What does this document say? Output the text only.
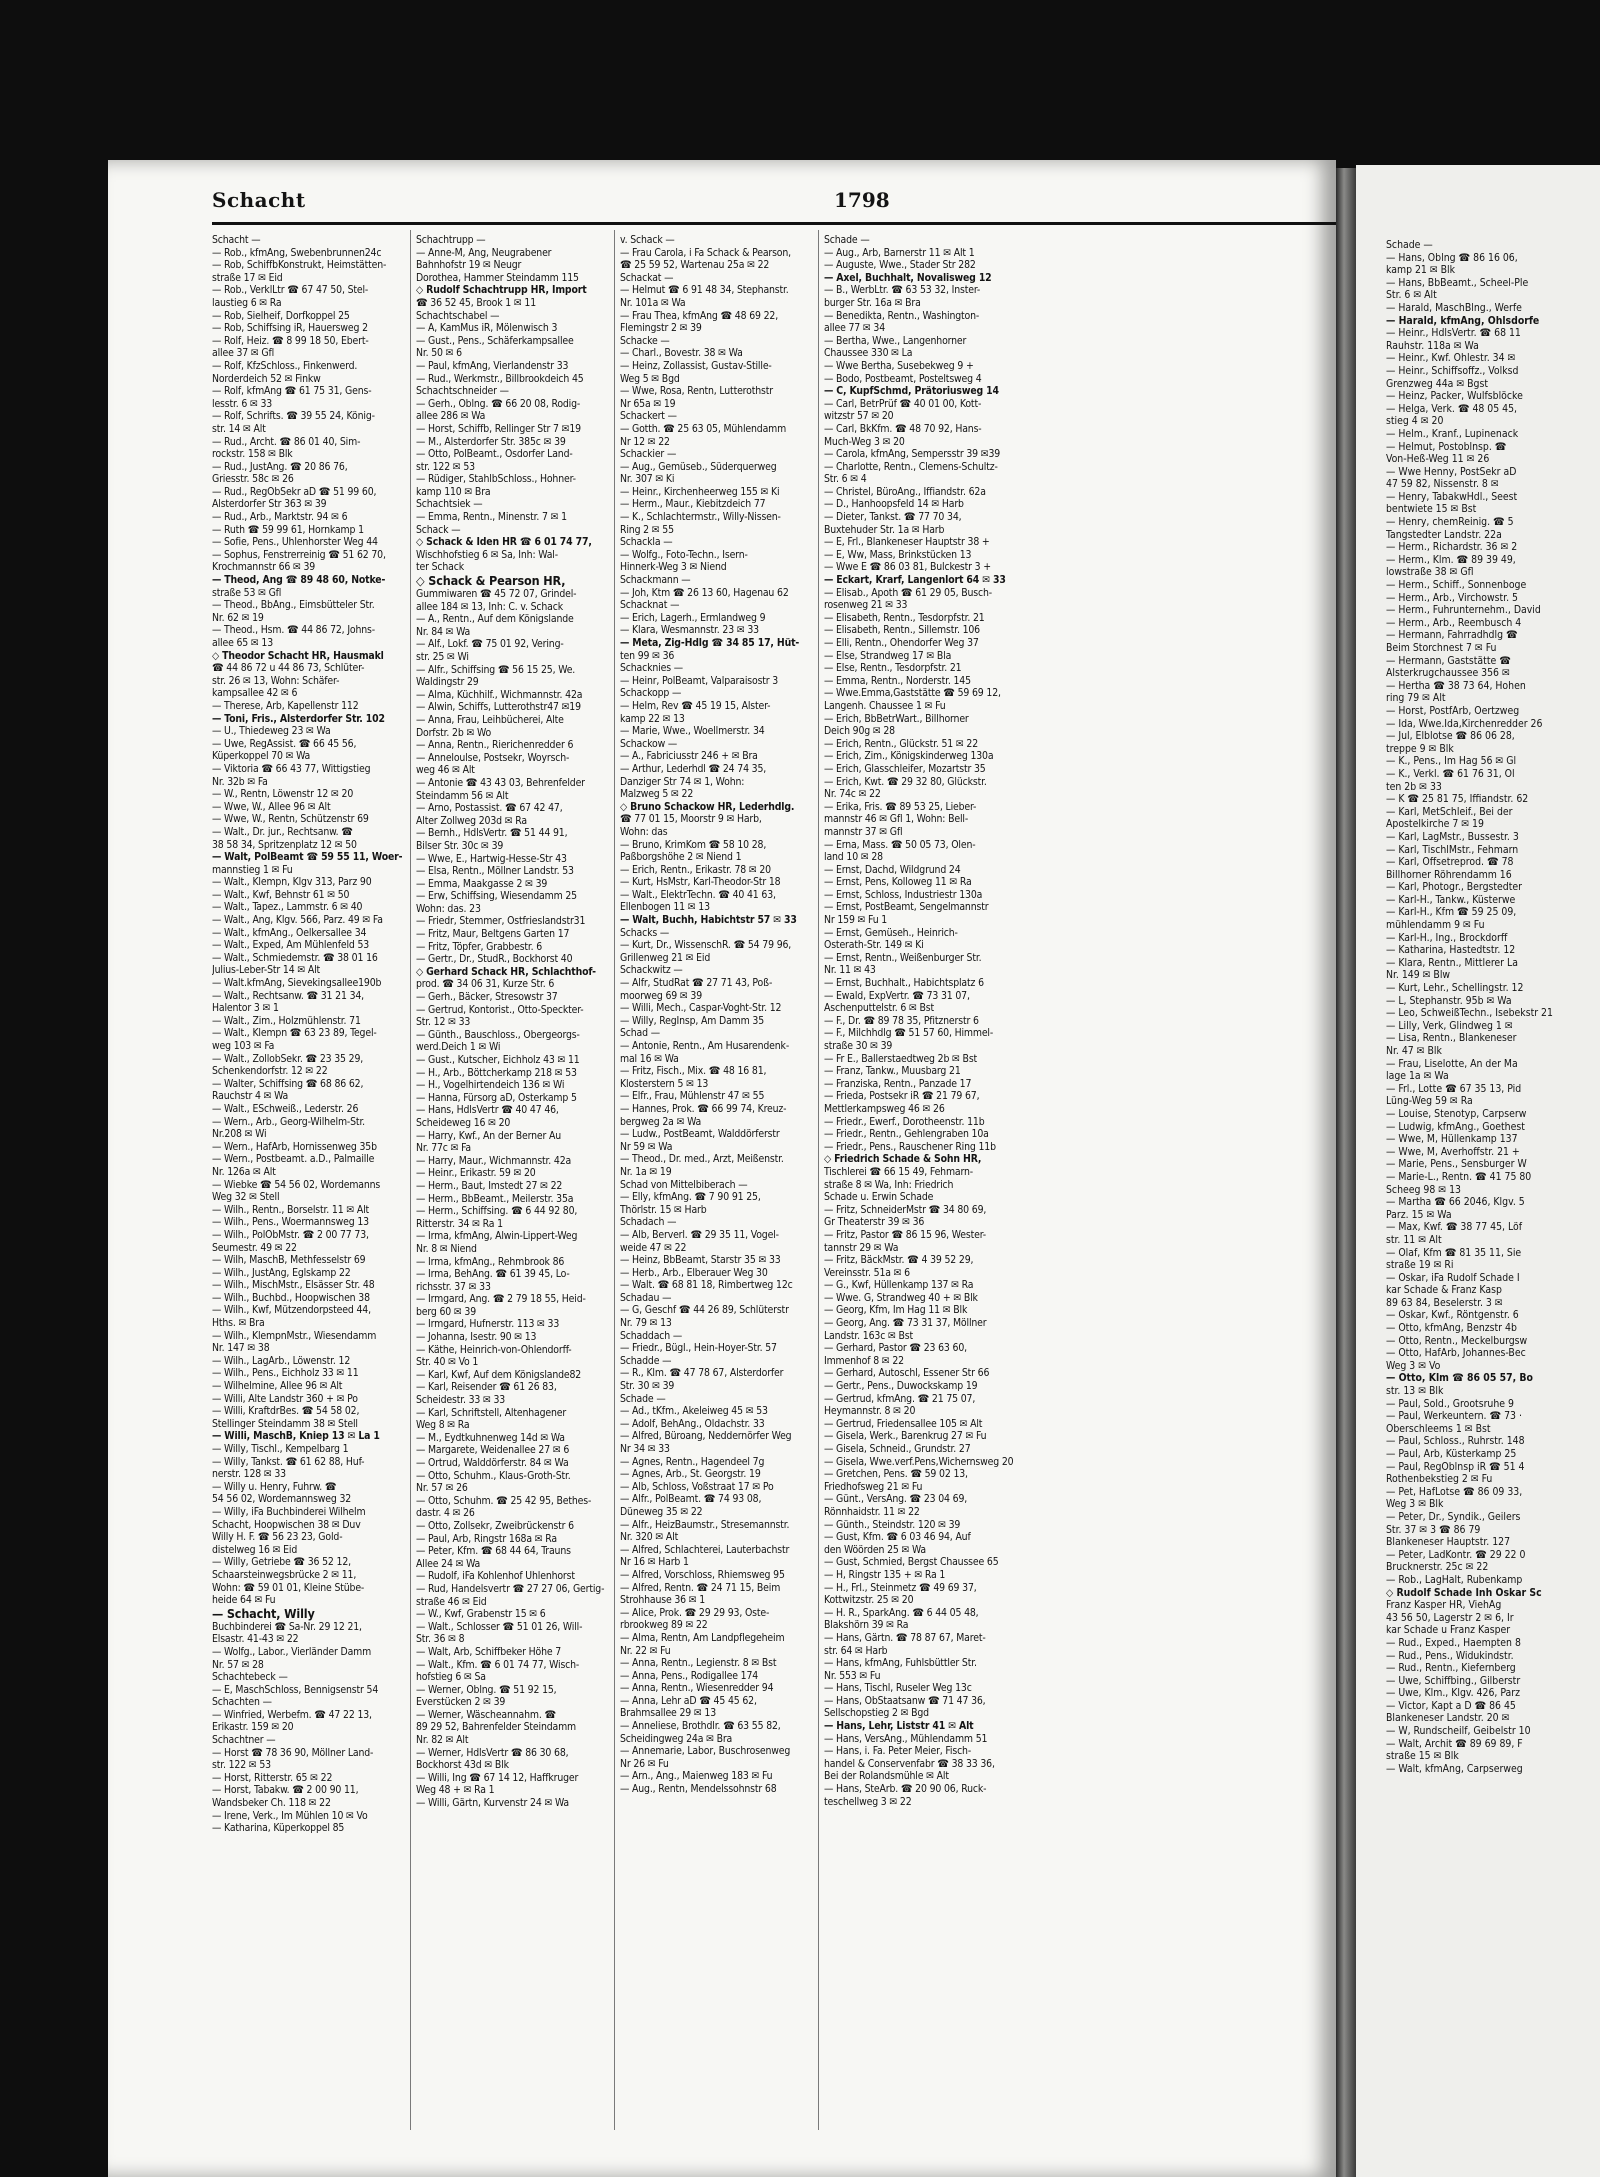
Schacht	1798
Schacht —
— Rob., kfmAng, Swebenbrunnen24c
— Rob, SchiffbKonstrukt, Heimstätten-
straße 17 ✉ Eid
— Rob., VerklLtr ☎ 67 47 50, Stel-
laustieg 6 ✉ Ra
— Rob, Sielheif, Dorfkoppel 25
— Rob, Schiffsing iR, Hauersweg 2
— Rolf, Heiz. ☎ 8 99 18 50, Ebert-
allee 37 ✉ Gfl
— Rolf, KfzSchloss., Finkenwerd.
Norderdeich 52 ✉ Finkw
— Rolf, kfmAng ☎ 61 75 31, Gens-
lesstr. 6 ✉ 33
— Rolf, Schrifts. ☎ 39 55 24, König-
str. 14 ✉ Alt
— Rud., Archt. ☎ 86 01 40, Sim-
rockstr. 158 ✉ Blk
— Rud., JustAng. ☎ 20 86 76,
Griesstr. 58c ✉ 26
— Rud., RegObSekr aD ☎ 51 99 60,
Alsterdorfer Str 363 ✉ 39
— Rud., Arb., Marktstr. 94 ✉ 6
— Ruth ☎ 59 99 61, Hornkamp 1
— Sofie, Pens., Uhlenhorster Weg 44
— Sophus, Fenstrerreinig ☎ 51 62 70,
Krochmannstr 66 ✉ 39
— Theod, Ang ☎ 89 48 60, Notke-
straße 53 ✉ Gfl
— Theod., BbAng., Eimsbütteler Str.
Nr. 62 ✉ 19
— Theod., Hsm. ☎ 44 86 72, Johns-
allee 65 ✉ 13
◇ Theodor Schacht HR, Hausmakl
☎ 44 86 72 u 44 86 73, Schlüter-
str. 26 ✉ 13, Wohn: Schäfer-
kampsallee 42 ✉ 6
— Therese, Arb, Kapellenstr 112
— Toni, Fris., Alsterdorfer Str. 102
— U., Thiedeweg 23 ✉ Wa
— Uwe, RegAssist. ☎ 66 45 56,
Küperkoppel 70 ✉ Wa
— Viktoria ☎ 66 43 77, Wittigstieg
Nr. 32b ✉ Fa
— W., Rentn, Löwenstr 12 ✉ 20
— Wwe, W., Allee 96 ✉ Alt
— Wwe, W., Rentn, Schützenstr 69
— Walt., Dr. jur., Rechtsanw. ☎
38 58 34, Spritzenplatz 12 ✉ 50
— Walt, PolBeamt ☎ 59 55 11, Woer-
mannstieg 1 ✉ Fu
— Walt., Klempn, Klgv 313, Parz 90
— Walt., Kwf, Behnstr 61 ✉ 50
— Walt., Tapez., Lammstr. 6 ✉ 40
— Walt., Ang, Klgv. 566, Parz. 49 ✉ Fa
— Walt., kfmAng., Oelkersallee 34
— Walt., Exped, Am Mühlenfeld 53
— Walt., Schmiedemstr. ☎ 38 01 16
Julius-Leber-Str 14 ✉ Alt
— Walt.kfmAng, Sievekingsallee190b
— Walt., Rechtsanw. ☎ 31 21 34,
Halentor 3 ✉ 1
— Walt., Zim., Holzmühlenstr. 71
— Walt., Klempn ☎ 63 23 89, Tegel-
weg 103 ✉ Fa
— Walt., ZollobSekr. ☎ 23 35 29,
Schenkendorfstr. 12 ✉ 22
— Walter, Schiffsing ☎ 68 86 62,
Rauchstr 4 ✉ Wa
— Walt., ESchweiß., Lederstr. 26
— Wern., Arb., Georg-Wilhelm-Str.
Nr.208 ✉ Wi
— Wern., HafArb, Hornissenweg 35b
— Wern., Postbeamt. a.D., Palmaille
Nr. 126a ✉ Alt
— Wiebke ☎ 54 56 02, Wordemanns
Weg 32 ✉ Stell
— Wilh., Rentn., Borselstr. 11 ✉ Alt
— Wilh., Pens., Woermannsweg 13
— Wilh., PolObMstr. ☎ 2 00 77 73,
Seumestr. 49 ✉ 22
— Wilh, MaschB, Methfesselstr 69
— Wilh., JustAng, Eglskamp 22
— Wilh., MischMstr., Elsässer Str. 48
— Wilh., Buchbd., Hoopwischen 38
— Wilh., Kwf, Mützendorpsteed 44,
Hths. ✉ Bra
— Wilh., KlempnMstr., Wiesendamm
Nr. 147 ✉ 38
— Wilh., LagArb., Löwenstr. 12
— Wilh., Pens., Eichholz 33 ✉ 11
— Wilhelmine, Allee 96 ✉ Alt
— Willi, Alte Landstr 360 + ✉ Po
— Willi, KraftdrBes. ☎ 54 58 02,
Stellinger Steindamm 38 ✉ Stell
— Willi, MaschB, Kniep 13 ✉ La 1
— Willy, Tischl., Kempelbarg 1
— Willy, Tankst. ☎ 61 62 88, Huf-
nerstr. 128 ✉ 33
— Willy u. Henry, Fuhrw. ☎
54 56 02, Wordemannsweg 32
— Willy, iFa Buchbinderei Wilhelm
Schacht, Hoopwischen 38 ✉ Duv
Willy H. F. ☎ 56 23 23, Gold-
distelweg 16 ✉ Eid
— Willy, Getriebe ☎ 36 52 12,
Schaarsteinwegsbrücke 2 ✉ 11,
Wohn: ☎ 59 01 01, Kleine Stübe-
heide 64 ✉ Fu
— Schacht, Willy
Buchbinderei ☎ Sa-Nr. 29 12 21,
Elsastr. 41-43 ✉ 22
— Wolfg., Labor., Vierländer Damm
Nr. 57 ✉ 28
Schachtebeck —
— E, MaschSchloss, Bennigsenstr 54
Schachten —
— Winfried, Werbefm. ☎ 47 22 13,
Erikastr. 159 ✉ 20
Schachtner —
— Horst ☎ 78 36 90, Möllner Land-
str. 122 ✉ 53
— Horst, Ritterstr. 65 ✉ 22
— Horst, Tabakw. ☎ 2 00 90 11,
Wandsbeker Ch. 118 ✉ 22
— Irene, Verk., Im Mühlen 10 ✉ Vo
— Katharina, Küperkoppel 85
Schachtrupp —
— Anne-M, Ang, Neugrabener
Bahnhofstr 19 ✉ Neugr
Dorothea, Hammer Steindamm 115
◇ Rudolf Schachtrupp HR, Import
☎ 36 52 45, Brook 1 ✉ 11
Schachtschabel —
— A, KamMus iR, Mölenwisch 3
— Gust., Pens., Schäferkampsallee
Nr. 50 ✉ 6
— Paul, kfmAng, Vierlandenstr 33
— Rud., Werkmstr., Billbrookdeich 45
Schachtschneider —
— Gerh., Oblng. ☎ 66 20 08, Rodig-
allee 286 ✉ Wa
— Horst, Schiffb, Rellinger Str 7 ✉19
— M., Alsterdorfer Str. 385c ✉ 39
— Otto, PolBeamt., Osdorfer Land-
str. 122 ✉ 53
— Rüdiger, StahlbSchloss., Hohner-
kamp 110 ✉ Bra
Schachtsiek —
— Emma, Rentn., Minenstr. 7 ✉ 1
Schack —
◇ Schack & Iden HR ☎ 6 01 74 77,
Wischhofstieg 6 ✉ Sa, Inh: Wal-
ter Schack
◇ Schack & Pearson HR,
Gummiwaren ☎ 45 72 07, Grindel-
allee 184 ✉ 13, Inh: C. v. Schack
— A., Rentn., Auf dem Königslande
Nr. 84 ✉ Wa
— Alf., Lokf. ☎ 75 01 92, Vering-
str. 25 ✉ Wi
— Alfr., Schiffsing ☎ 56 15 25, We.
Waldingstr 29
— Alma, Küchhilf., Wichmannstr. 42a
— Alwin, Schiffs, Lutterothstr47 ✉19
— Anna, Frau, Leihbücherei, Alte
Dorfstr. 2b ✉ Wo
— Anna, Rentn., Rierichenredder 6
— Anneloulse, Postsekr, Woyrsch-
weg 46 ✉ Alt
— Antonie ☎ 43 43 03, Behrenfelder
Steindamm 56 ✉ Alt
— Arno, Postassist. ☎ 67 42 47,
Alter Zollweg 203d ✉ Ra
— Bernh., HdlsVertr. ☎ 51 44 91,
Bilser Str. 30c ✉ 39
— Wwe, E., Hartwig-Hesse-Str 43
— Elsa, Rentn., Möllner Landstr. 53
— Emma, Maakgasse 2 ✉ 39
— Erw, Schiffsing, Wiesendamm 25
Wohn: das. 23
— Friedr, Stemmer, Ostfrieslandstr31
— Fritz, Maur, Beltgens Garten 17
— Fritz, Töpfer, Grabbestr. 6
— Gertr., Dr., StudR., Bockhorst 40
◇ Gerhard Schack HR, Schlachthof-
prod. ☎ 34 06 31, Kurze Str. 6
— Gerh., Bäcker, Stresowstr 37
— Gertrud, Kontorist., Otto-Speckter-
Str. 12 ✉ 33
— Günth., Bauschloss., Obergeorgs-
werd.Deich 1 ✉ Wi
— Gust., Kutscher, Eichholz 43 ✉ 11
— H., Arb., Böttcherkamp 218 ✉ 53
— H., Vogelhirtendeich 136 ✉ Wi
— Hanna, Fürsorg aD, Osterkamp 5
— Hans, HdlsVertr ☎ 40 47 46,
Scheideweg 16 ✉ 20
— Harry, Kwf., An der Berner Au
Nr. 77c ✉ Fa
— Harry, Maur., Wichmannstr. 42a
— Heinr., Erikastr. 59 ✉ 20
— Herm., Baut, Imstedt 27 ✉ 22
— Herm., BbBeamt., Meilerstr. 35a
— Herm., Schiffsing. ☎ 6 44 92 80,
Ritterstr. 34 ✉ Ra 1
— Irma, kfmAng, Alwin-Lippert-Weg
Nr. 8 ✉ Niend
— Irma, kfmAng., Rehmbrook 86
— Irma, BehAng. ☎ 61 39 45, Lo-
richsstr. 37 ✉ 33
— Irmgard, Ang. ☎ 2 79 18 55, Heid-
berg 60 ✉ 39
— Irmgard, Hufnerstr. 113 ✉ 33
— Johanna, Isestr. 90 ✉ 13
— Käthe, Heinrich-von-Ohlendorff-
Str. 40 ✉ Vo 1
— Karl, Kwf, Auf dem Königslande82
— Karl, Reisender ☎ 61 26 83,
Scheidestr. 33 ✉ 33
— Karl, Schriftstell, Altenhagener
Weg 8 ✉ Ra
— M., Eydtkuhnenweg 14d ✉ Wa
— Margarete, Weidenallee 27 ✉ 6
— Ortrud, Walddörferstr. 84 ✉ Wa
— Otto, Schuhm., Klaus-Groth-Str.
Nr. 57 ✉ 26
— Otto, Schuhm. ☎ 25 42 95, Bethes-
dastr. 4 ✉ 26
— Otto, Zollsekr, Zweibrückenstr 6
— Paul, Arb, Ringstr 168a ✉ Ra
— Peter, Kfm. ☎ 68 44 64, Trauns
Allee 24 ✉ Wa
— Rudolf, iFa Kohlenhof Uhlenhorst
— Rud, Handelsvertr ☎ 27 27 06, Gertig-
straße 46 ✉ Eid
— W., Kwf, Grabenstr 15 ✉ 6
— Walt., Schlosser ☎ 51 01 26, Will-
Str. 36 ✉ 8
— Walt, Arb, Schiffbeker Höhe 7
— Walt., Kfm. ☎ 6 01 74 77, Wisch-
hofstieg 6 ✉ Sa
— Werner, Oblng. ☎ 51 92 15,
Everstücken 2 ✉ 39
— Werner, Wäscheannahm. ☎
89 29 52, Bahrenfelder Steindamm
Nr. 82 ✉ Alt
— Werner, HdlsVertr ☎ 86 30 68,
Bockhorst 43d ✉ Blk
— Willi, Ing ☎ 67 14 12, Haffkruger
Weg 48 + ✉ Ra 1
— Willi, Gärtn, Kurvenstr 24 ✉ Wa
v. Schack —
— Frau Carola, i Fa Schack & Pearson,
☎ 25 59 52, Wartenau 25a ✉ 22
Schackat —
— Helmut ☎ 6 91 48 34, Stephanstr.
Nr. 101a ✉ Wa
— Frau Thea, kfmAng ☎ 48 69 22,
Flemingstr 2 ✉ 39
Schacke —
— Charl., Bovestr. 38 ✉ Wa
— Heinz, Zollassist, Gustav-Stille-
Weg 5 ✉ Bgd
— Wwe, Rosa, Rentn, Lutterothstr
Nr 65a ✉ 19
Schackert —
— Gotth. ☎ 25 63 05, Mühlendamm
Nr 12 ✉ 22
Schackier —
— Aug., Gemüseb., Süderquerweg
Nr. 307 ✉ Ki
— Heinr., Kirchenheerweg 155 ✉ Ki
— Herm., Maur., Kiebitzdeich 77
— K., Schlachtermstr., Willy-Nissen-
Ring 2 ✉ 55
Schackla —
— Wolfg., Foto-Techn., Isern-
Hinnerk-Weg 3 ✉ Niend
Schackmann —
— Joh, Ktm ☎ 26 13 60, Hagenau 62
Schacknat —
— Erich, Lagerh., Ermlandweg 9
— Klara, Wesmannstr. 23 ✉ 33
— Meta, Zig-Hdlg ☎ 34 85 17, Hüt-
ten 99 ✉ 36
Schacknies —
— Heinr, PolBeamt, Valparaisostr 3
Schackopp —
— Helm, Rev ☎ 45 19 15, Alster-
kamp 22 ✉ 13
— Marie, Wwe., Woellmerstr. 34
Schackow —
— A., Fabriciusstr 246 + ✉ Bra
— Arthur, Lederhdl ☎ 24 74 35,
Danziger Str 74 ✉ 1, Wohn:
Malzweg 5 ✉ 22
◇ Bruno Schackow HR, Lederhdlg.
☎ 77 01 15, Moorstr 9 ✉ Harb,
Wohn: das
— Bruno, KrimKom ☎ 58 10 28,
Paßborgshöhe 2 ✉ Niend 1
— Erich, Rentn., Erikastr. 78 ✉ 20
— Kurt, HsMstr, Karl-Theodor-Str 18
— Walt., ElektrTechn. ☎ 40 41 63,
Ellenbogen 11 ✉ 13
— Walt, Buchh, Habichtstr 57 ✉ 33
Schacks —
— Kurt, Dr., WissenschR. ☎ 54 79 96,
Grillenweg 21 ✉ Eid
Schackwitz —
— Alfr, StudRat ☎ 27 71 43, Poß-
moorweg 69 ✉ 39
— Willi, Mech., Caspar-Voght-Str. 12
— Willy, RegInsp, Am Damm 35
Schad —
— Antonie, Rentn., Am Husarendenk-
mal 16 ✉ Wa
— Fritz, Fisch., Mix. ☎ 48 16 81,
Klosterstern 5 ✉ 13
— Elfr., Frau, Mühlenstr 47 ✉ 55
— Hannes, Prok. ☎ 66 99 74, Kreuz-
bergweg 2a ✉ Wa
— Ludw., PostBeamt, Walddörferstr
Nr 59 ✉ Wa
— Theod., Dr. med., Arzt, Meißenstr.
Nr. 1a ✉ 19
Schad von Mittelbiberach —
— Elly, kfmAng. ☎ 7 90 91 25,
Thörlstr. 15 ✉ Harb
Schadach —
— Alb, Berverl. ☎ 29 35 11, Vogel-
weide 47 ✉ 22
— Heinz, BbBeamt, Starstr 35 ✉ 33
— Herb., Arb., Elberauer Weg 30
— Walt. ☎ 68 81 18, Rimbertweg 12c
Schadau —
— G, Geschf ☎ 44 26 89, Schlüterstr
Nr. 79 ✉ 13
Schaddach —
— Friedr., Bügl., Hein-Hoyer-Str. 57
Schadde —
— R., Klm. ☎ 47 78 67, Alsterdorfer
Str. 30 ✉ 39
Schade —
— Ad., tKfm., Akeleiweg 45 ✉ 53
— Adolf, BehAng., Oldachstr. 33
— Alfred, Büroang, Neddernörfer Weg
Nr 34 ✉ 33
— Agnes, Rentn., Hagendeel 7g
— Agnes, Arb., St. Georgstr. 19
— Alb, Schloss, Voßstraat 17 ✉ Po
— Alfr., PolBeamt. ☎ 74 93 08,
Düneweg 35 ✉ 22
— Alfr., HeizBaumstr., Stresemannstr.
Nr. 320 ✉ Alt
— Alfred, Schlachterei, Lauterbachstr
Nr 16 ✉ Harb 1
— Alfred, Vorschloss, Rhiemsweg 95
— Alfred, Rentn. ☎ 24 71 15, Beim
Strohhause 36 ✉ 1
— Alice, Prok. ☎ 29 29 93, Oste-
rbrookweg 89 ✉ 22
— Alma, Rentn, Am Landpflegeheim
Nr. 22 ✉ Fu
— Anna, Rentn., Legienstr. 8 ✉ Bst
— Anna, Pens., Rodigallee 174
— Anna, Rentn., Wiesenredder 94
— Anna, Lehr aD ☎ 45 45 62,
Brahmsallee 29 ✉ 13
— Anneliese, Brothdlr. ☎ 63 55 82,
Scheidingweg 24a ✉ Bra
— Annemarie, Labor, Buschrosenweg
Nr 26 ✉ Fu
— Arn., Ang., Maienweg 183 ✉ Fu
— Aug., Rentn, Mendelssohnstr 68
Schade —
— Aug., Arb, Barnerstr 11 ✉ Alt 1
— Auguste, Wwe., Stader Str 282
— Axel, Buchhalt, Novalisweg 12
— B., WerbLtr. ☎ 63 53 32, Inster-
burger Str. 16a ✉ Bra
— Benedikta, Rentn., Washington-
allee 77 ✉ 34
— Bertha, Wwe., Langenhorner
Chaussee 330 ✉ La
— Wwe Bertha, Susebekweg 9 +
— Bodo, Postbeamt, Posteltsweg 4
— C, KupfSchmd, Prätoriusweg 14
— Carl, BetrPrüf ☎ 40 01 00, Kott-
witzstr 57 ✉ 20
— Carl, BkKfm. ☎ 48 70 92, Hans-
Much-Weg 3 ✉ 20
— Carola, kfmAng, Sempersstr 39 ✉39
— Charlotte, Rentn., Clemens-Schultz-
Str. 6 ✉ 4
— Christel, BüroAng., Iffiandstr. 62a
— D., Hanhoopsfeld 14 ✉ Harb
— Dieter, Tankst. ☎ 77 70 34,
Buxtehuder Str. 1a ✉ Harb
— E, Frl., Blankeneser Hauptstr 38 +
— E, Ww, Mass, Brinkstücken 13
— Wwe E ☎ 86 03 81, Bulckestr 3 +
— Eckart, Krarf, Langenlort 64 ✉ 33
— Elisab., Apoth ☎ 61 29 05, Busch-
rosenweg 21 ✉ 33
— Elisabeth, Rentn., Tesdorpfstr. 21
— Elisabeth, Rentn., Sillemstr. 106
— Elli, Rentn., Ohendorfer Weg 37
— Else, Strandweg 17 ✉ Bla
— Else, Rentn., Tesdorpfstr. 21
— Emma, Rentn., Norderstr. 145
— Wwe.Emma,Gaststätte ☎ 59 69 12,
Langenh. Chaussee 1 ✉ Fu
— Erich, BbBetrWart., Billhorner
Deich 90g ✉ 28
— Erich, Rentn., Glückstr. 51 ✉ 22
— Erich, Zim., Königskinderweg 130a
— Erich, Glasschleifer, Mozartstr 35
— Erich, Kwt. ☎ 29 32 80, Glückstr.
Nr. 74c ✉ 22
— Erika, Fris. ☎ 89 53 25, Lieber-
mannstr 46 ✉ Gfl 1, Wohn: Bell-
mannstr 37 ✉ Gfl
— Erna, Mass. ☎ 50 05 73, Olen-
land 10 ✉ 28
— Ernst, Dachd, Wildgrund 24
— Ernst, Pens, Kolloweg 11 ✉ Ra
— Ernst, Schloss, Industriestr 130a
— Ernst, PostBeamt, Sengelmannstr
Nr 159 ✉ Fu 1
— Ernst, Gemüseh., Heinrich-
Osterath-Str. 149 ✉ Ki
— Ernst, Rentn., Weißenburger Str.
Nr. 11 ✉ 43
— Ernst, Buchhalt., Habichtsplatz 6
— Ewald, ExpVertr. ☎ 73 31 07,
Aschenputtelstr. 6 ✉ Bst
— F., Dr. ☎ 89 78 35, Pfitznerstr 6
— F., Milchhdlg ☎ 51 57 60, Himmel-
straße 30 ✉ 39
— Fr E., Ballerstaedtweg 2b ✉ Bst
— Franz, Tankw., Muusbarg 21
— Franziska, Rentn., Panzade 17
— Frieda, Postsekr iR ☎ 21 79 67,
Mettlerkampsweg 46 ✉ 26
— Friedr., Ewerf., Dorotheenstr. 11b
— Friedr., Rentn., Gehlengraben 10a
— Friedr., Pens., Rauschener Ring 11b
◇ Friedrich Schade & Sohn HR,
Tischlerei ☎ 66 15 49, Fehmarn-
straße 8 ✉ Wa, Inh: Friedrich
Schade u. Erwin Schade
— Fritz, SchneiderMstr ☎ 34 80 69,
Gr Theaterstr 39 ✉ 36
— Fritz, Pastor ☎ 86 15 96, Wester-
tannstr 29 ✉ Wa
— Fritz, BäckMstr. ☎ 4 39 52 29,
Vereinsstr. 51a ✉ 6
— G., Kwf, Hüllenkamp 137 ✉ Ra
— Wwe. G, Strandweg 40 + ✉ Blk
— Georg, Kfm, Im Hag 11 ✉ Blk
— Georg, Ang. ☎ 73 31 37, Möllner
Landstr. 163c ✉ Bst
— Gerhard, Pastor ☎ 23 63 60,
Immenhof 8 ✉ 22
— Gerhard, Autoschl, Essener Str 66
— Gertr., Pens., Duwockskamp 19
— Gertrud, kfmAng. ☎ 21 75 07,
Heymannstr. 8 ✉ 20
— Gertrud, Friedensallee 105 ✉ Alt
— Gisela, Werk., Barenkrug 27 ✉ Fu
— Gisela, Schneid., Grundstr. 27
— Gisela, Wwe.verf.Pens,Wichernsweg 20
— Gretchen, Pens. ☎ 59 02 13,
Friedhofsweg 21 ✉ Fu
— Günt., VersAng. ☎ 23 04 69,
Rönnhaidstr. 11 ✉ 22
— Günth., Steindstr. 120 ✉ 39
— Gust, Kfm. ☎ 6 03 46 94, Auf
den Wöörden 25 ✉ Wa
— Gust, Schmied, Bergst Chaussee 65
— H, Ringstr 135 + ✉ Ra 1
— H., Frl., Steinmetz ☎ 49 69 37,
Kottwitzstr. 25 ✉ 20
— H. R., SparkAng. ☎ 6 44 05 48,
Blakshörn 39 ✉ Ra
— Hans, Gärtn. ☎ 78 87 67, Maret-
str. 64 ✉ Harb
— Hans, kfmAng, Fuhlsbüttler Str.
Nr. 553 ✉ Fu
— Hans, Tischl, Ruseler Weg 13c
— Hans, ObStaatsanw ☎ 71 47 36,
Sellschopstieg 2 ✉ Bgd
— Hans, Lehr, Liststr 41 ✉ Alt
— Hans, VersAng., Mühlendamm 51
— Hans, i. Fa. Peter Meier, Fisch-
handel & Conservenfabr ☎ 38 33 36,
Bei der Rolandsmühle ✉ Alt
— Hans, SteArb. ☎ 20 90 06, Ruck-
teschellweg 3 ✉ 22
Schade —
— Hans, Oblng ☎ 86 16 06,
kamp 21 ✉ Blk
— Hans, BbBeamt., Scheel-Ple
Str. 6 ✉ Alt
— Harald, MaschBlng., Werfe
— Harald, kfmAng, Ohlsdorfe
— Heinr., HdlsVertr. ☎ 68 11
Rauhstr. 118a ✉ Wa
— Heinr., Kwf. Ohlestr. 34 ✉
— Heinr., Schiffsoffz., Volksd
Grenzweg 44a ✉ Bgst
— Heinz, Packer, Wulfsblöcke
— Helga, Verk. ☎ 48 05 45,
stieg 4 ✉ 20
— Helm., Kranf., Lupinenack
— Helmut, Postoblnsp. ☎
Von-Heß-Weg 11 ✉ 26
— Wwe Henny, PostSekr aD
47 59 82, Nissenstr. 8 ✉
— Henry, TabakwHdl., Seest
bentwiete 15 ✉ Bst
— Henry, chemReinig. ☎ 5
Tangstedter Landstr. 22a
— Herm., Richardstr. 36 ✉ 2
— Herm., Klm. ☎ 89 39 49,
lowstraße 38 ✉ Gfl
— Herm., Schiff., Sonnenboge
— Herm., Arb., Virchowstr. 5
— Herm., Fuhrunternehm., David
— Herm., Arb., Reembusch 4
— Hermann, Fahrradhdlg ☎
Beim Storchnest 7 ✉ Fu
— Hermann, Gaststätte ☎
Alsterkrugchaussee 356 ✉
— Hertha ☎ 38 73 64, Hohen
ring 79 ✉ Alt
— Horst, PostfArb, Oertzweg
— Ida, Wwe.Ida,Kirchenredder 26
— Jul, Elblotse ☎ 86 06 28,
treppe 9 ✉ Blk
— K., Pens., Im Hag 56 ✉ Gl
— K., Verkl. ☎ 61 76 31, Ol
ten 2b ✉ 33
— K ☎ 25 81 75, Iffiandstr. 62
— Karl, MetSchleif., Bei der
Apostelkirche 7 ✉ 19
— Karl, LagMstr., Bussestr. 3
— Karl, TischlMstr., Fehmarn
— Karl, Offsetreprod. ☎ 78
Billhorner Röhrendamm 16
— Karl, Photogr., Bergstedter
— Karl-H., Tankw., Küsterwe
— Karl-H., Kfm ☎ 59 25 09,
mühlendamm 9 ✉ Fu
— Karl-H., Ing., Brockdorff
— Katharina, Hastedtstr. 12
— Klara, Rentn., Mittlerer La
Nr. 149 ✉ Blw
— Kurt, Lehr., Schellingstr. 12
— L, Stephanstr. 95b ✉ Wa
— Leo, SchweißTechn., Isebekstr 21
— Lilly, Verk, Glindweg 1 ✉
— Lisa, Rentn., Blankeneser
Nr. 47 ✉ Blk
— Frau, Liselotte, An der Ma
lage 1a ✉ Wa
— Frl., Lotte ☎ 67 35 13, Pid
Lüng-Weg 59 ✉ Ra
— Louise, Stenotyp, Carpserw
— Ludwig, kfmAng., Goethest
— Wwe, M, Hüllenkamp 137
— Wwe, M, Averhoffstr. 21 +
— Marie, Pens., Sensburger W
— Marie-L., Rentn. ☎ 41 75 80
Scheeg 98 ✉ 13
— Martha ☎ 66 2046, Klgv. 5
Parz. 15 ✉ Wa
— Max, Kwf. ☎ 38 77 45, Löf
str. 11 ✉ Alt
— Olaf, Kfm ☎ 81 35 11, Sie
straße 19 ✉ Ri
— Oskar, iFa Rudolf Schade I
kar Schade & Franz Kasp
89 63 84, Beselerstr. 3 ✉
— Oskar, Kwf., Röntgenstr. 6
— Otto, kfmAng, Benzstr 4b
— Otto, Rentn., Meckelburgsw
— Otto, HafArb, Johannes-Bec
Weg 3 ✉ Vo
— Otto, Klm ☎ 86 05 57, Bo
str. 13 ✉ Blk
— Paul, Sold., Grootsruhe 9
— Paul, Werkeuntern. ☎ 73 ·
Oberschleems 1 ✉ Bst
— Paul, Schloss., Ruhrstr. 148
— Paul, Arb, Küsterkamp 25
— Paul, RegOblnsp iR ☎ 51 4
Rothenbekstieg 2 ✉ Fu
— Pet, HafLotse ☎ 86 09 33,
Weg 3 ✉ Blk
— Peter, Dr., Syndik., Geilers
Str. 37 ✉ 3 ☎ 86 79
Blankeneser Hauptstr. 127
— Peter, LadKontr. ☎ 29 22 0
Brucknerstr. 25c ✉ 22
— Rob., LagHalt, Rubenkamp
◇ Rudolf Schade Inh Oskar Sc
Franz Kasper HR, ViehAg
43 56 50, Lagerstr 2 ✉ 6, Ir
kar Schade u Franz Kasper
— Rud., Exped., Haempten 8
— Rud., Pens., Widukindstr.
— Rud., Rentn., Kiefernberg
— Uwe, Schiffbing., Gilberstr
— Uwe, Klm., Klgv. 426, Parz
— Victor, Kapt a D ☎ 86 45
Blankeneser Landstr. 20 ✉
— W, Rundscheilf, Geibelstr 10
— Walt, Archit ☎ 89 69 89, F
straße 15 ✉ Blk
— Walt, kfmAng, Carpserweg
